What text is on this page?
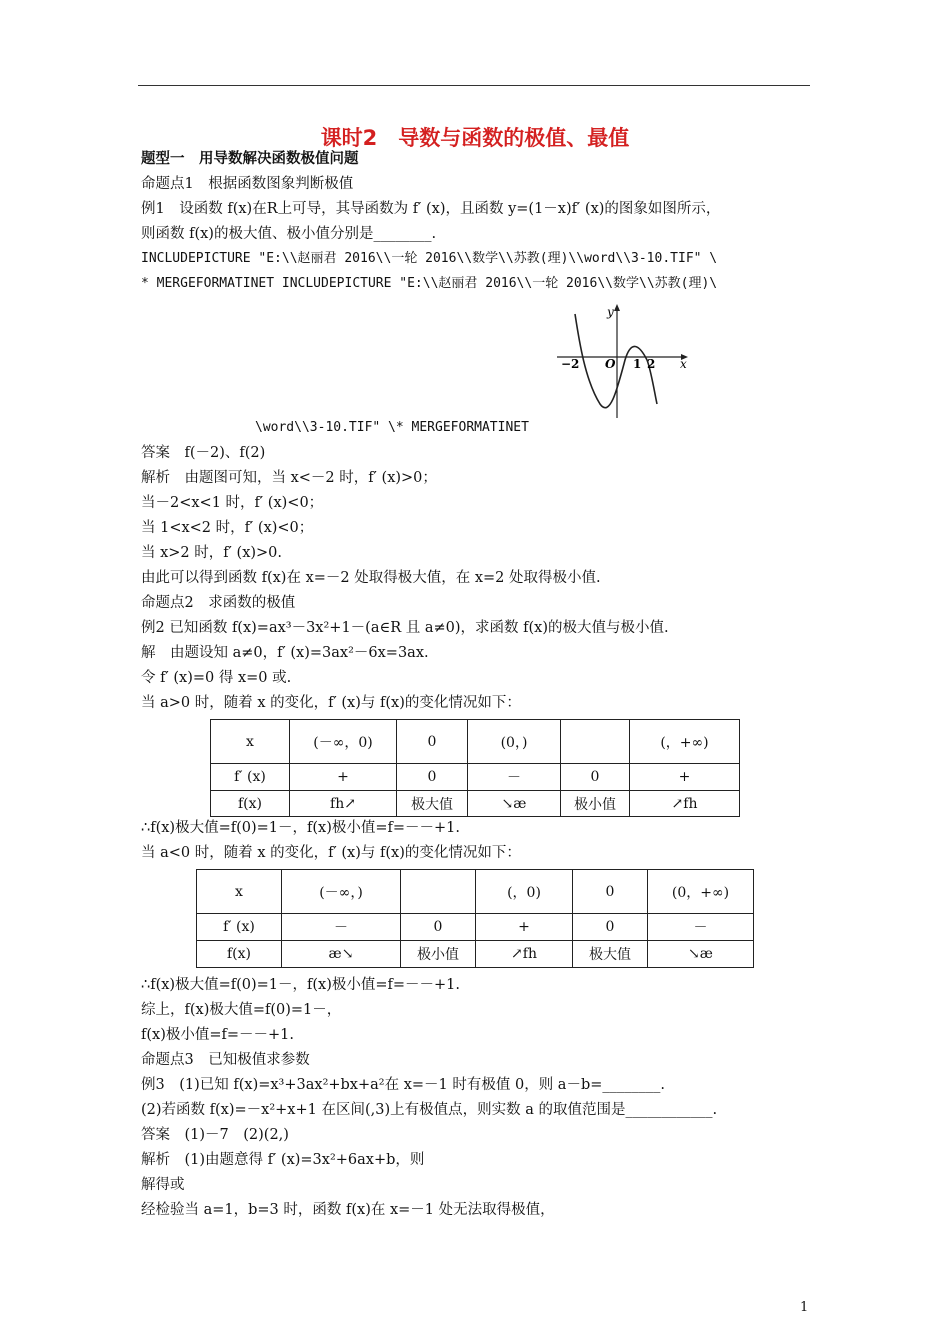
课时2　导数与函数的极值、最值
题型一　用导数解决函数极值问题
命题点1　根据函数图象判断极值
例1　设函数 f(x)在R上可导，其导函数为 f′ (x)，且函数 y=(1－x)f′ (x)的图象如图所示，
则函数 f(x)的极大值、极小值分别是________.
INCLUDEPICTURE "E:\\赵丽君 2016\\一轮 2016\\数学\\苏教(理)\\word\\3-10.TIF" \
* MERGEFORMATINET INCLUDEPICTURE "E:\\赵丽君 2016\\一轮 2016\\数学\\苏教(理)\
y
x
−2 O 1 2
\word\\3-10.TIF" \* MERGEFORMATINET
答案　f(－2)、f(2)
解析　由题图可知，当 x<－2 时，f′ (x)>0；
当－2<x<1 时，f′ (x)<0；
当 1<x<2 时，f′ (x)<0；
当 x>2 时，f′ (x)>0.
由此可以得到函数 f(x)在 x=－2 处取得极大值，在 x=2 处取得极小值.
命题点2　求函数的极值
例2 已知函数 f(x)=ax³－3x²+1－(a∈R 且 a≠0)，求函数 f(x)的极大值与极小值.
解　由题设知 a≠0，f′ (x)=3ax²－6x=3ax.
令 f′ (x)=0 得 x=0 或.
当 a>0 时，随着 x 的变化，f′ (x)与 f(x)的变化情况如下：
x	(－∞，0)	0	(0，)		(，+∞)
f′ (x)	+	0	－	0	+
f(x)	fh↗	极大值	↘æ	极小值	↗fh
∴f(x)极大值=f(0)=1－，f(x)极小值=f=－－+1.
当 a<0 时，随着 x 的变化，f′ (x)与 f(x)的变化情况如下：
x	(－∞，)		(，0)	0	(0，+∞)
f′ (x)	－	0	+	0	－
f(x)	æ↘	极小值	↗fh	极大值	↘æ
∴f(x)极大值=f(0)=1－，f(x)极小值=f=－－+1.
综上，f(x)极大值=f(0)=1－，
f(x)极小值=f=－－+1.
命题点3　已知极值求参数
例3　(1)已知 f(x)=x³+3ax²+bx+a²在 x=－1 时有极值 0，则 a－b=________.
(2)若函数 f(x)=－x²+x+1 在区间(,3)上有极值点，则实数 a 的取值范围是____________.
答案　(1)－7　(2)(2,)
解析　(1)由题意得 f′ (x)=3x²+6ax+b，则
解得或
经检验当 a=1，b=3 时，函数 f(x)在 x=－1 处无法取得极值，
1
